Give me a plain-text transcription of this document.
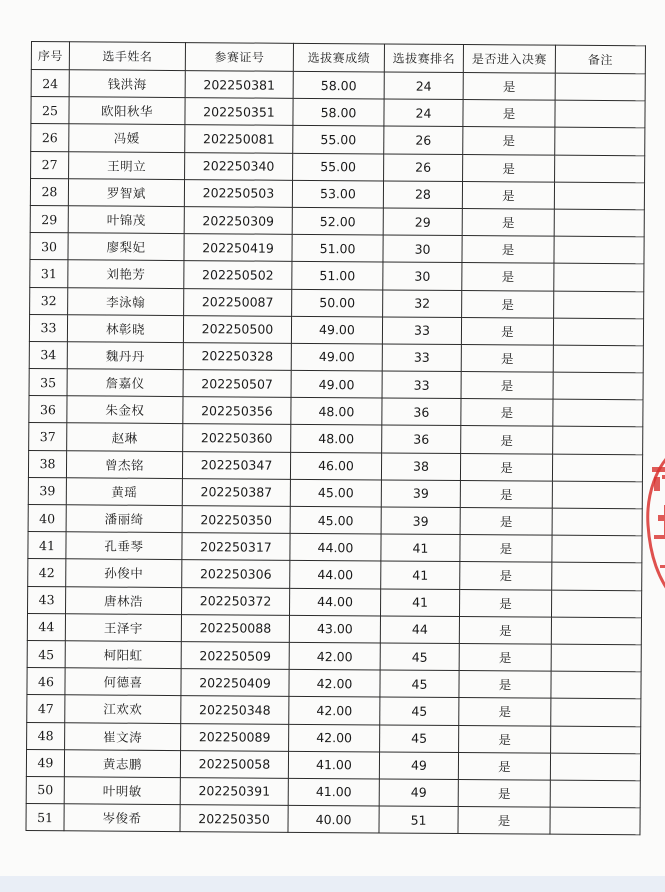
序号	选手姓名	参赛证号	选拔赛成绩	选拔赛排名	是否进入决赛	备注
24	钱洪海	202250381	58.00	24	是	
25	欧阳秋华	202250351	58.00	24	是	
26	冯媛	202250081	55.00	26	是	
27	王明立	202250340	55.00	26	是	
28	罗智斌	202250503	53.00	28	是	
29	叶锦茂	202250309	52.00	29	是	
30	廖梨妃	202250419	51.00	30	是	
31	刘艳芳	202250502	51.00	30	是	
32	李泳翰	202250087	50.00	32	是	
33	林彰晓	202250500	49.00	33	是	
34	魏丹丹	202250328	49.00	33	是	
35	詹嘉仪	202250507	49.00	33	是	
36	朱金权	202250356	48.00	36	是	
37	赵琳	202250360	48.00	36	是	
38	曾杰铭	202250347	46.00	38	是	
39	黄瑶	202250387	45.00	39	是	
40	潘丽绮	202250350	45.00	39	是	
41	孔垂琴	202250317	44.00	41	是	
42	孙俊中	202250306	44.00	41	是	
43	唐林浩	202250372	44.00	41	是	
44	王泽宇	202250088	43.00	44	是	
45	柯阳虹	202250509	42.00	45	是	
46	何德喜	202250409	42.00	45	是	
47	江欢欢	202250348	42.00	45	是	
48	崔文涛	202250089	42.00	45	是	
49	黄志鹏	202250058	41.00	49	是	
50	叶明敏	202250391	41.00	49	是	
51	岑俊希	202250350	40.00	51	是	
